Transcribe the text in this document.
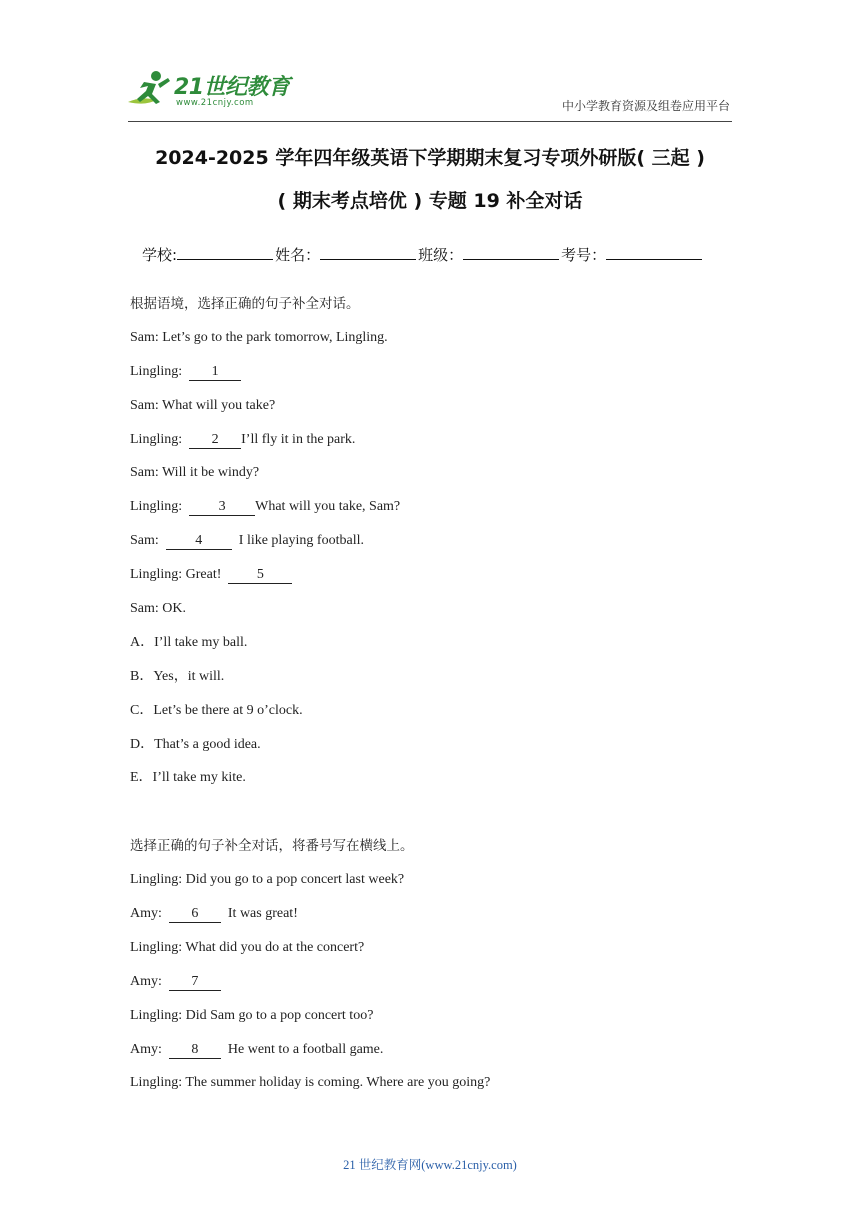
21世纪教育
www.21cnjy.com	中小学教育资源及组卷应用平台
2024-2025 学年四年级英语下学期期末复习专项外研版( 三起 )
( 期末考点培优 ) 专题 19 补全对话
学校:	姓名：	班级：	考号：
根据语境，选择正确的句子补全对话。
Sam: Let’s go to the park tomorrow, Lingling.
Lingling: 1
Sam: What will you take?
Lingling: 2 I’ll fly it in the park.
Sam: Will it be windy?
Lingling:	3 What will you take, Sam?
Sam:	4  I like playing football.
Lingling: Great!  5
Sam: OK.
A．I’ll take my ball.
B．Yes，it will.
C．Let’s be there at 9 o’clock.
D．That’s a good idea.
E．I’ll take my kite.
选择正确的句子补全对话，将番号写在横线上。
Lingling: Did you go to a pop concert last week?
Amy: 6  It was great!
Lingling: What did you do at the concert?
Amy: 7
Lingling: Did Sam go to a pop concert too?
Amy: 8  He went to a football game.
Lingling: The summer holiday is coming. Where are you going?
21 世纪教育网(www.21cnjy.com)
